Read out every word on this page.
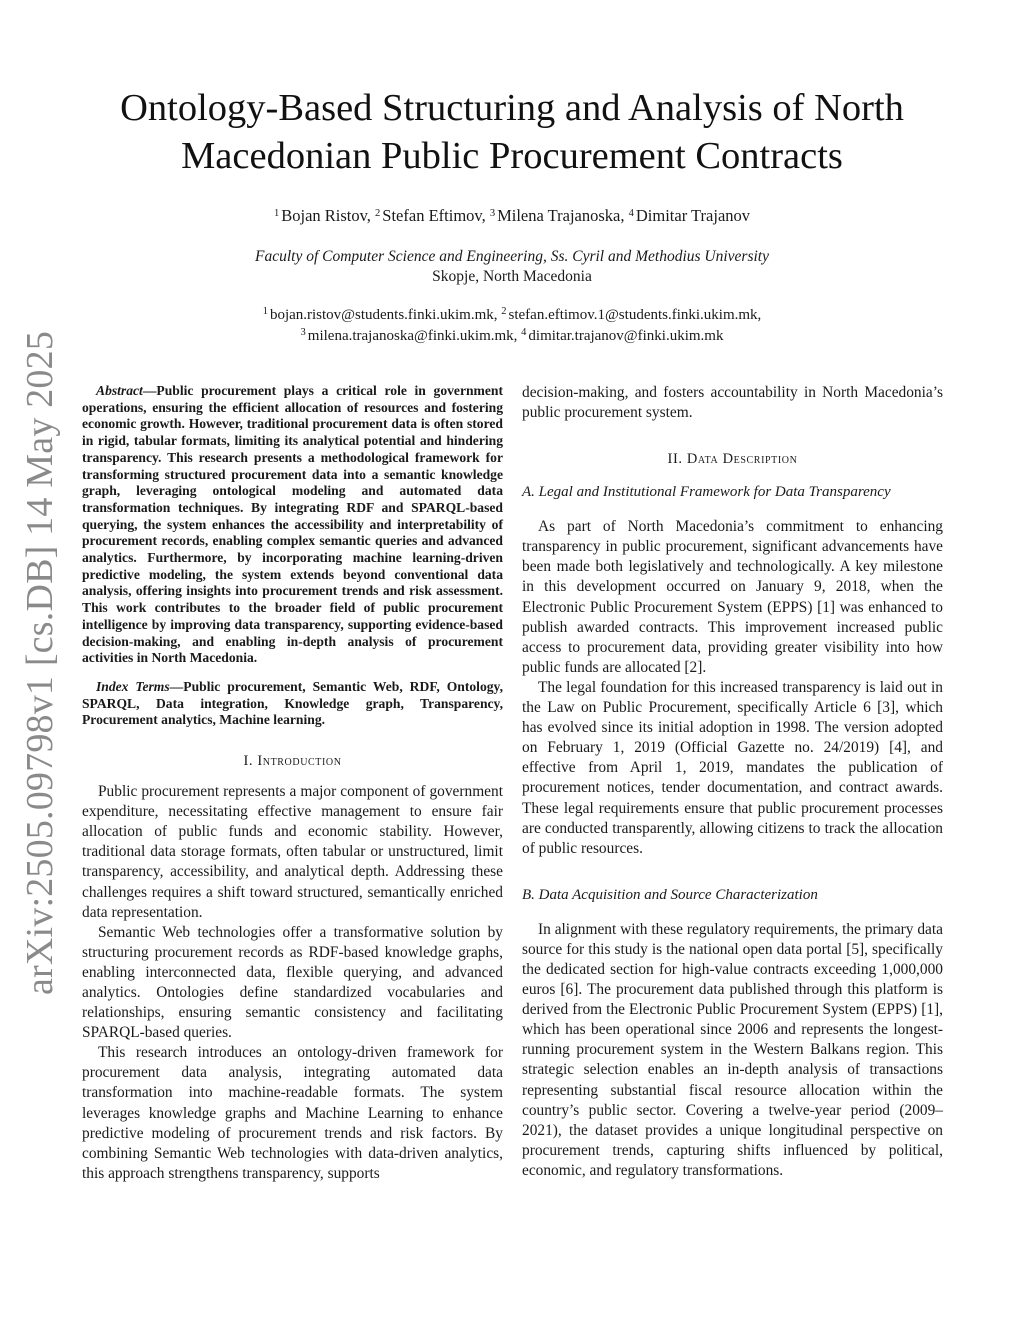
arXiv:2505.09798v1 [cs.DB] 14 May 2025
Ontology-Based Structuring and Analysis of North
Macedonian Public Procurement Contracts
$^1$ Bojan Ristov, $^2$ Stefan Eftimov, $^3$ Milena Trajanoska, $^4$ Dimitar Trajanov
Faculty of Computer Science and Engineering, Ss. Cyril and Methodius University
Skopje, North Macedonia
$^1$ bojan.ristov@students.finki.ukim.mk, $^2$ stefan.eftimov.1@students.finki.ukim.mk,
$^3$ milena.trajanoska@finki.ukim.mk, $^4$ dimitar.trajanov@finki.ukim.mk

Abstract—Public procurement plays a critical role in government operations, ensuring the efficient allocation of resources and fostering economic growth. However, traditional procurement data is often stored in rigid, tabular formats, limiting its analytical potential and hindering transparency. This research presents a methodological framework for transforming structured procurement data into a semantic knowledge graph, leveraging ontological modeling and automated data transformation techniques. By integrating RDF and SPARQL-based querying, the system enhances the accessibility and interpretability of procurement records, enabling complex semantic queries and advanced analytics. Furthermore, by incorporating machine learning-driven predictive modeling, the system extends beyond conventional data analysis, offering insights into procurement trends and risk assessment. This work contributes to the broader field of public procurement intelligence by improving data transparency, supporting evidence-based decision-making, and enabling in-depth analysis of procurement activities in North Macedonia.

Index Terms—Public procurement, Semantic Web, RDF, Ontology, SPARQL, Data integration, Knowledge graph, Transparency, Procurement analytics, Machine learning.

I. Introduction

Public procurement represents a major component of government expenditure, necessitating effective management to ensure fair allocation of public funds and economic stability. However, traditional data storage formats, often tabular or unstructured, limit transparency, accessibility, and analytical depth. Addressing these challenges requires a shift toward structured, semantically enriched data representation.

Semantic Web technologies offer a transformative solution by structuring procurement records as RDF-based knowledge graphs, enabling interconnected data, flexible querying, and advanced analytics. Ontologies define standardized vocabularies and relationships, ensuring semantic consistency and facilitating SPARQL-based queries.

This research introduces an ontology-driven framework for procurement data analysis, integrating automated data transformation into machine-readable formats. The system leverages knowledge graphs and Machine Learning to enhance predictive modeling of procurement trends and risk factors. By combining Semantic Web technologies with data-driven analytics, this approach strengthens transparency, supports

decision-making, and fosters accountability in North Macedonia’s public procurement system.

II. Data Description
A. Legal and Institutional Framework for Data Transparency

As part of North Macedonia’s commitment to enhancing transparency in public procurement, significant advancements have been made both legislatively and technologically. A key milestone in this development occurred on January 9, 2018, when the Electronic Public Procurement System (EPPS) [1] was enhanced to publish awarded contracts. This improvement increased public access to procurement data, providing greater visibility into how public funds are allocated [2].

The legal foundation for this increased transparency is laid out in the Law on Public Procurement, specifically Article 6 [3], which has evolved since its initial adoption in 1998. The version adopted on February 1, 2019 (Official Gazette no. 24/2019) [4], and effective from April 1, 2019, mandates the publication of procurement notices, tender documentation, and contract awards. These legal requirements ensure that public procurement processes are conducted transparently, allowing citizens to track the allocation of public resources.

B. Data Acquisition and Source Characterization

In alignment with these regulatory requirements, the primary data source for this study is the national open data portal [5], specifically the dedicated section for high-value contracts exceeding 1,000,000 euros [6]. The procurement data published through this platform is derived from the Electronic Public Procurement System (EPPS) [1], which has been operational since 2006 and represents the longest-running procurement system in the Western Balkans region. This strategic selection enables an in-depth analysis of transactions representing substantial fiscal resource allocation within the country’s public sector. Covering a twelve-year period (2009–2021), the dataset provides a unique longitudinal perspective on procurement trends, capturing shifts influenced by political, economic, and regulatory transformations.
